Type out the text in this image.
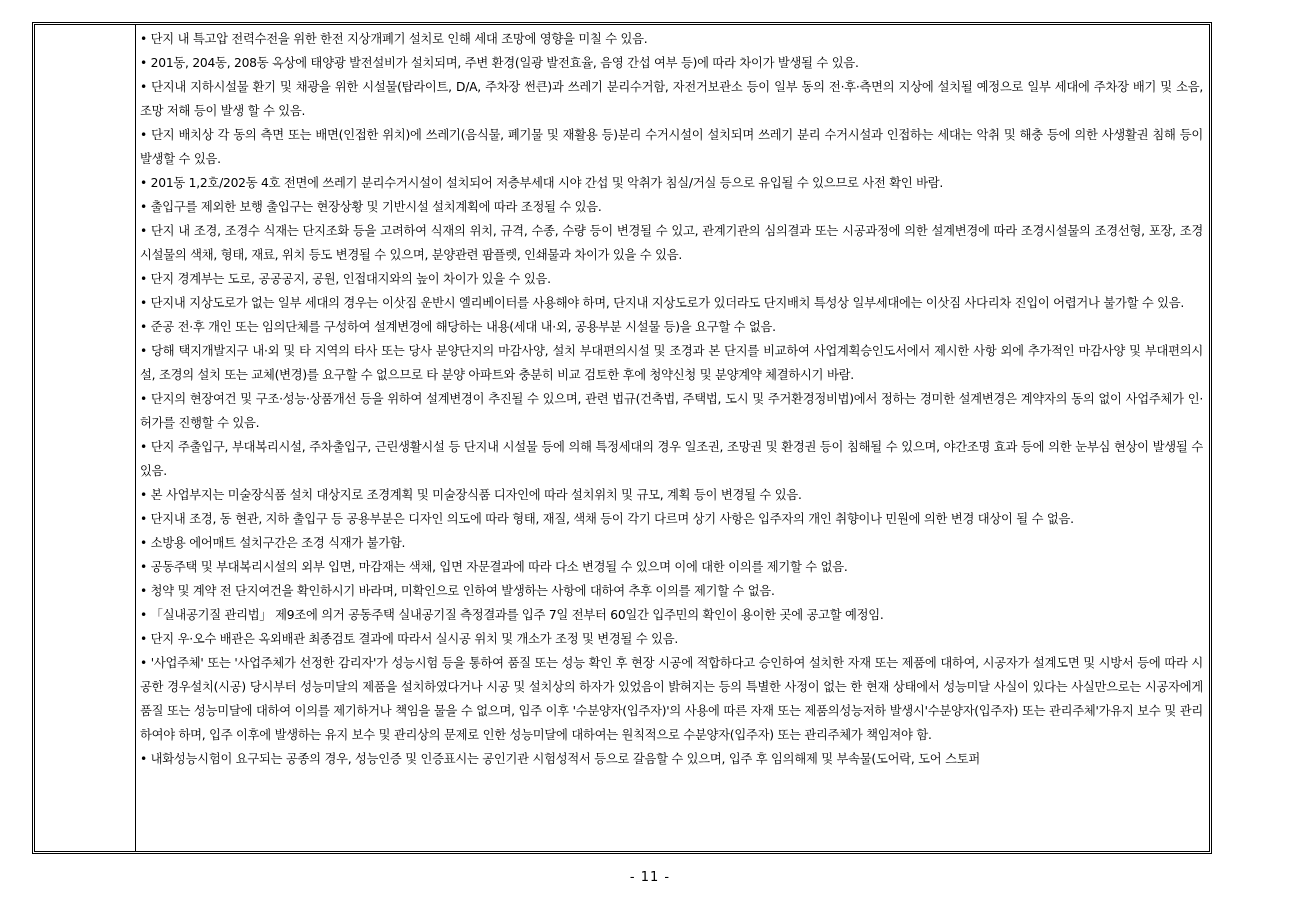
• 단지 내 특고압 전력수전을 위한 한전 지상개폐기 설치로 인해 세대 조망에 영향을 미칠 수 있음.
• 201동, 204동, 208동 옥상에 태양광 발전설비가 설치되며, 주변 환경(일광 발전효율, 음영 간섭 여부 등)에 따라 차이가 발생될 수 있음.
• 단지내 지하시설물 환기 및 채광을 위한 시설물(탑라이트, D/A, 주차장 썬큰)과 쓰레기 분리수거함, 자전거보관소 등이 일부 동의 전·후·측면의 지상에 설치될 예정으로 일부 세대에 주차장 배기 및 소음, 조망 저해 등이 발생 할 수 있음.
• 단지 배치상 각 동의 측면 또는 배면(인접한 위치)에 쓰레기(음식물, 폐기물 및 재활용 등)분리 수거시설이 설치되며 쓰레기 분리 수거시설과 인접하는 세대는 악취 및 해충 등에 의한 사생활권 침해 등이 발생할 수 있음.
• 201동 1,2호/202동 4호 전면에 쓰레기 분리수거시설이 설치되어 저층부세대 시야 간섭 및 악취가 침실/거실 등으로 유입될 수 있으므로 사전 확인 바람.
• 출입구를 제외한 보행 출입구는 현장상황 및 기반시설 설치계획에 따라 조정될 수 있음.
• 단지 내 조경, 조경수 식재는 단지조화 등을 고려하여 식재의 위치, 규격, 수종, 수량 등이 변경될 수 있고, 관계기관의 심의결과 또는 시공과정에 의한 설계변경에 따라 조경시설물의 조경선형, 포장, 조경시설물의 색채, 형태, 재료, 위치 등도 변경될 수 있으며, 분양관련 팜플렛, 인쇄물과 차이가 있을 수 있음.
• 단지 경계부는 도로, 공공공지, 공원, 인접대지와의 높이 차이가 있을 수 있음.
• 단지내 지상도로가 없는 일부 세대의 경우는 이삿짐 운반시 엘리베이터를 사용해야 하며, 단지내 지상도로가 있더라도 단지배치 특성상 일부세대에는 이삿짐 사다리차 진입이 어렵거나 불가할 수 있음.
• 준공 전·후 개인 또는 임의단체를 구성하여 설계변경에 해당하는 내용(세대 내·외, 공용부분 시설물 등)을 요구할 수 없음.
• 당해 택지개발지구 내·외 및 타 지역의 타사 또는 당사 분양단지의 마감사양, 설치 부대편의시설 및 조경과 본 단지를 비교하여 사업계획승인도서에서 제시한 사항 외에 추가적인 마감사양 및 부대편의시설, 조경의 설치 또는 교체(변경)를 요구할 수 없으므로 타 분양 아파트와 충분히 비교 검토한 후에 청약신청 및 분양계약 체결하시기 바람.
• 단지의 현장여건 및 구조·성능·상품개선 등을 위하여 설계변경이 추진될 수 있으며, 관련 법규(건축법, 주택법, 도시 및 주거환경정비법)에서 정하는 경미한 설계변경은 계약자의 동의 없이 사업주체가 인·허가를 진행할 수 있음.
• 단지 주출입구, 부대복리시설, 주차출입구, 근린생활시설 등 단지내 시설물 등에 의해 특정세대의 경우 일조권, 조망권 및 환경권 등이 침해될 수 있으며, 야간조명 효과 등에 의한 눈부심 현상이 발생될 수 있음.
• 본 사업부지는 미술장식품 설치 대상지로 조경계획 및 미술장식품 디자인에 따라 설치위치 및 규모, 계획 등이 변경될 수 있음.
• 단지내 조경, 동 현관, 지하 출입구 등 공용부분은 디자인 의도에 따라 형태, 재질, 색채 등이 각기 다르며 상기 사항은 입주자의 개인 취향이나 민원에 의한 변경 대상이 될 수 없음.
• 소방용 에어매트 설치구간은 조경 식재가 불가함.
• 공동주택 및 부대복리시설의 외부 입면, 마감재는 색채, 입면 자문결과에 따라 다소 변경될 수 있으며 이에 대한 이의를 제기할 수 없음.
• 청약 및 계약 전 단지여건을 확인하시기 바라며, 미확인으로 인하여 발생하는 사항에 대하여 추후 이의를 제기할 수 없음.
• 「실내공기질 관리법」 제9조에 의거 공동주택 실내공기질 측정결과를 입주 7일 전부터 60일간 입주민의 확인이 용이한 곳에 공고할 예정임.
• 단지 우·오수 배관은 옥외배관 최종검토 결과에 따라서 실시공 위치 및 개소가 조정 및 변경될 수 있음.
• '사업주체' 또는 '사업주체가 선정한 감리자'가 성능시험 등을 통하여 품질 또는 성능 확인 후 현장 시공에 적합하다고 승인하여 설치한 자재 또는 제품에 대하여, 시공자가 설계도면 및 시방서 등에 따라 시공한 경우설치(시공) 당시부터 성능미달의 제품을 설치하였다거나 시공 및 설치상의 하자가 있었음이 밝혀지는 등의 특별한 사정이 없는 한 현재 상태에서 성능미달 사실이 있다는 사실만으로는 시공자에게 품질 또는 성능미달에 대하여 이의를 제기하거나 책임을 물을 수 없으며, 입주 이후 '수분양자(입주자)'의 사용에 따른 자재 또는 제품의성능저하 발생시'수분양자(입주자) 또는 관리주체'가유지 보수 및 관리하여야 하며, 입주 이후에 발생하는 유지 보수 및 관리상의 문제로 인한 성능미달에 대하여는 원칙적으로 수분양자(입주자) 또는 관리주체가 책임져야 함.
• 내화성능시험이 요구되는 공종의 경우, 성능인증 및 인증표시는 공인기관 시험성적서 등으로 갈음할 수 있으며, 입주 후 임의해제 및 부속물(도어락, 도어 스토퍼
- 11 -
